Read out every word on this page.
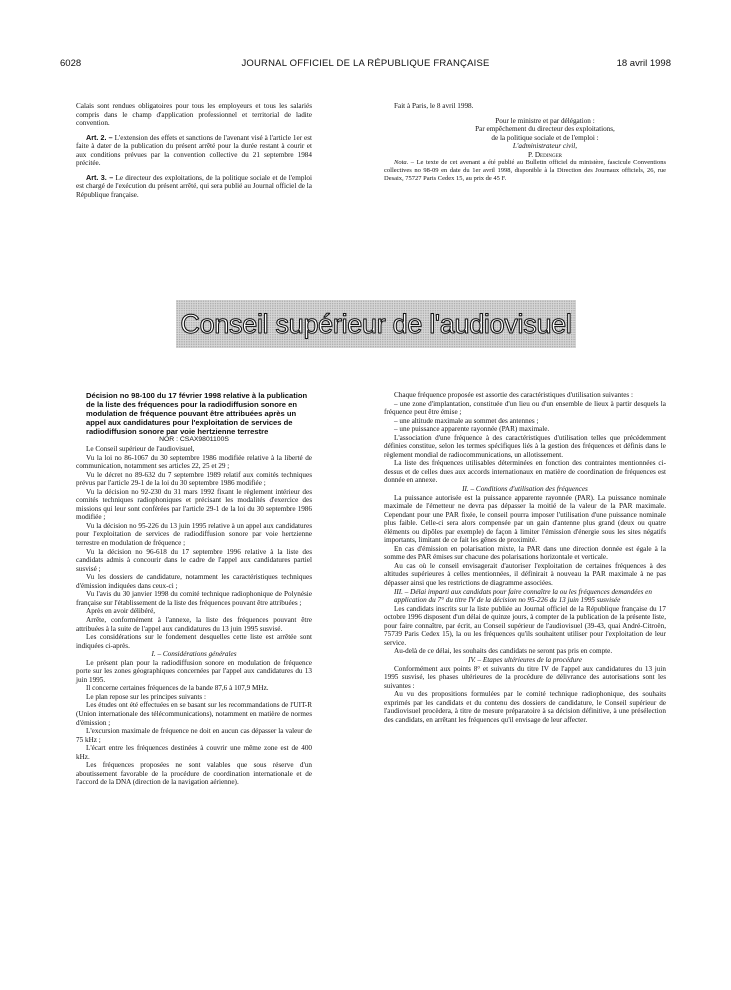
6028	JOURNAL OFFICIEL DE LA RÉPUBLIQUE FRANÇAISE	18 avril 1998

Calais sont rendues obligatoires pour tous les employeurs et tous les salariés compris dans le champ d'application professionnel et territorial de ladite convention.

Art. 2. – L'extension des effets et sanctions de l'avenant visé à l'article 1er est faite à dater de la publication du présent arrêté pour la durée restant à courir et aux conditions prévues par la convention collective du 21 septembre 1984 précitée.

Art. 3. – Le directeur des exploitations, de la politique sociale et de l'emploi est chargé de l'exécution du présent arrêté, qui sera publié au Journal officiel de la République française.

Fait à Paris, le 8 avril 1998.

Pour le ministre et par délégation :

Par empêchement du directeur des exploitations,

de la politique sociale et de l'emploi :

L'administrateur civil,

P. Dedinger

Nota. – Le texte de cet avenant a été publié au Bulletin officiel du ministère, fascicule Conventions collectives no 98-09 en date du 1er avril 1998, disponible à la Direction des Journaux officiels, 26, rue Desaix, 75727 Paris Cedex 15, au prix de 45 F.

Conseil supérieur de l'audiovisuel

Décision no 98-100 du 17 février 1998 relative à la publication de la liste des fréquences pour la radiodiffusion sonore en modulation de fréquence pouvant être attribuées après un appel aux candidatures pour l'exploitation de services de radiodiffusion sonore par voie hertzienne terrestre

NOR : CSAX9801100S

Le Conseil supérieur de l'audiovisuel,

Vu la loi no 86-1067 du 30 septembre 1986 modifiée relative à la liberté de communication, notamment ses articles 22, 25 et 29 ;

Vu le décret no 89-632 du 7 septembre 1989 relatif aux comités techniques prévus par l'article 29-1 de la loi du 30 septembre 1986 modifiée ;

Vu la décision no 92-230 du 31 mars 1992 fixant le règlement intérieur des comités techniques radiophoniques et précisant les modalités d'exercice des missions qui leur sont conférées par l'article 29-1 de la loi du 30 septembre 1986 modifiée ;

Vu la décision no 95-226 du 13 juin 1995 relative à un appel aux candidatures pour l'exploitation de services de radiodiffusion sonore par voie hertzienne terrestre en modulation de fréquence ;

Vu la décision no 96-618 du 17 septembre 1996 relative à la liste des candidats admis à concourir dans le cadre de l'appel aux candidatures partiel susvisé ;

Vu les dossiers de candidature, notamment les caractéristiques techniques d'émission indiquées dans ceux-ci ;

Vu l'avis du 30 janvier 1998 du comité technique radiophonique de Polynésie française sur l'établissement de la liste des fréquences pouvant être attribuées ;

Après en avoir délibéré,

Arrête, conformément à l'annexe, la liste des fréquences pouvant être attribuées à la suite de l'appel aux candidatures du 13 juin 1995 susvisé.

Les considérations sur le fondement desquelles cette liste est arrêtée sont indiquées ci-après.

I. – Considérations générales

Le présent plan pour la radiodiffusion sonore en modulation de fréquence porte sur les zones géographiques concernées par l'appel aux candidatures du 13 juin 1995.

Il concerne certaines fréquences de la bande 87,6 à 107,9 MHz.

Le plan repose sur les principes suivants :

Les études ont été effectuées en se basant sur les recommandations de l'UIT-R (Union internationale des télécommunications), notamment en matière de normes d'émission ;

L'excursion maximale de fréquence ne doit en aucun cas dépasser la valeur de 75 kHz ;

L'écart entre les fréquences destinées à couvrir une même zone est de 400 kHz.

Les fréquences proposées ne sont valables que sous réserve d'un aboutissement favorable de la procédure de coordination internationale et de l'accord de la DNA (direction de la navigation aérienne).

Chaque fréquence proposée est assortie des caractéristiques d'utilisation suivantes :

– une zone d'implantation, constituée d'un lieu ou d'un ensemble de lieux à partir desquels la fréquence peut être émise ;

– une altitude maximale au sommet des antennes ;

– une puissance apparente rayonnée (PAR) maximale.

L'association d'une fréquence à des caractéristiques d'utilisation telles que précédemment définies constitue, selon les termes spécifiques liés à la gestion des fréquences et définis dans le règlement mondial de radiocommunications, un allotissement.

La liste des fréquences utilisables déterminées en fonction des contraintes mentionnées ci-dessus et de celles dues aux accords internationaux en matière de coordination de fréquences est donnée en annexe.

II. – Conditions d'utilisation des fréquences

La puissance autorisée est la puissance apparente rayonnée (PAR). La puissance nominale maximale de l'émetteur ne devra pas dépasser la moitié de la valeur de la PAR maximale. Cependant pour une PAR fixée, le conseil pourra imposer l'utilisation d'une puissance nominale plus faible. Celle-ci sera alors compensée par un gain d'antenne plus grand (deux ou quatre éléments ou dipôles par exemple) de façon à limiter l'émission d'énergie sous les sites négatifs importants, limitant de ce fait les gênes de proximité.

En cas d'émission en polarisation mixte, la PAR dans une direction donnée est égale à la somme des PAR émises sur chacune des polarisations horizontale et verticale.

Au cas où le conseil envisagerait d'autoriser l'exploitation de certaines fréquences à des altitudes supérieures à celles mentionnées, il définirait à nouveau la PAR maximale à ne pas dépasser ainsi que les restrictions de diagramme associées.

III. – Délai imparti aux candidats pour faire connaître la ou les fréquences demandées en application du 7° du titre IV de la décision no 95-226 du 13 juin 1995 susvisée

Les candidats inscrits sur la liste publiée au Journal officiel de la République française du 17 octobre 1996 disposent d'un délai de quinze jours, à compter de la publication de la présente liste, pour faire connaître, par écrit, au Conseil supérieur de l'audiovisuel (39-43, quai André-Citroën, 75739 Paris Cedex 15), la ou les fréquences qu'ils souhaitent utiliser pour l'exploitation de leur service.

Au-delà de ce délai, les souhaits des candidats ne seront pas pris en compte.

IV. – Etapes ultérieures de la procédure

Conformément aux points 8° et suivants du titre IV de l'appel aux candidatures du 13 juin 1995 susvisé, les phases ultérieures de la procédure de délivrance des autorisations sont les suivantes :

Au vu des propositions formulées par le comité technique radiophonique, des souhaits exprimés par les candidats et du contenu des dossiers de candidature, le Conseil supérieur de l'audiovisuel procèdera, à titre de mesure préparatoire à sa décision définitive, à une présélection des candidats, en arrêtant les fréquences qu'il envisage de leur affecter.
